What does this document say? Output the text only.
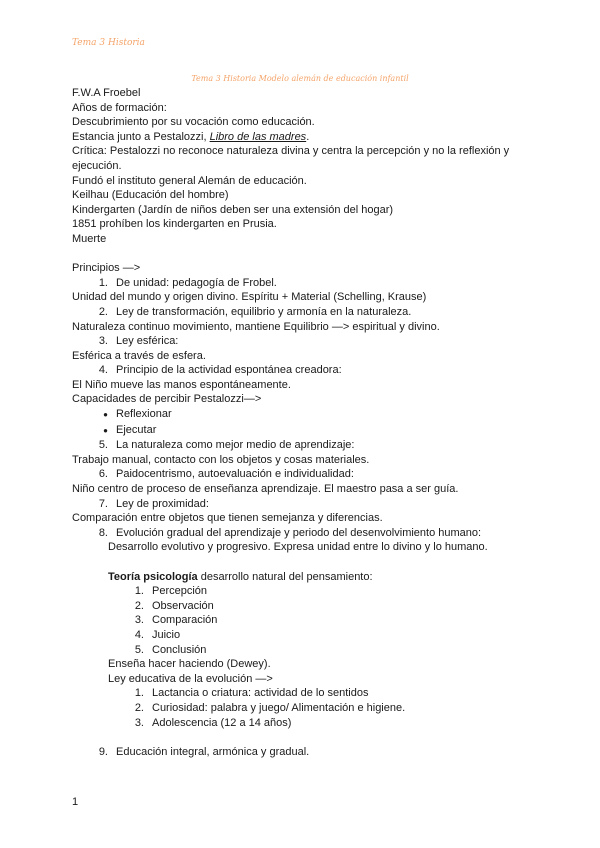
Tema 3 Historia
Tema 3 Historia Modelo alemán de educación infantil
F.W.A Froebel
Años de formación:
Descubrimiento por su vocación como educación.
Estancia junto a Pestalozzi, Libro de las madres.
Crítica: Pestalozzi no reconoce naturaleza divina y centra la percepción y no la reflexión y ejecución.
Fundó el instituto general Alemán de educación.
Keilhau (Educación del hombre)
Kindergarten (Jardín de niños deben ser una extensión del hogar)
1851 prohíben los kindergarten en Prusia.
Muerte
Principios —>
1. De unidad: pedagogía de Frobel.
Unidad del mundo y origen divino. Espíritu + Material (Schelling, Krause)
2. Ley de transformación, equilibrio y armonía en la naturaleza.
Naturaleza continuo movimiento, mantiene Equilibrio —> espiritual y divino.
3. Ley esférica:
Esférica a través de esfera.
4. Principio de la actividad espontánea creadora:
El Niño mueve las manos espontáneamente.
Capacidades de percibir Pestalozzi—>
● Reflexionar
● Ejecutar
5. La naturaleza como mejor medio de aprendizaje:
Trabajo manual, contacto con los objetos y cosas materiales.
6. Paidocentrismo, autoevaluación e individualidad:
Niño centro de proceso de enseñanza aprendizaje. El maestro pasa a ser guía.
7. Ley de proximidad:
Comparación entre objetos que tienen semejanza y diferencias.
8. Evolución gradual del aprendizaje y periodo del desenvolvimiento humano:
Desarrollo evolutivo y progresivo. Expresa unidad entre lo divino y lo humano.
Teoría psicología desarrollo natural del pensamiento:
1. Percepción
2. Observación
3. Comparación
4. Juicio
5. Conclusión
Enseña hacer haciendo (Dewey).
Ley educativa de la evolución —>
1. Lactancia o criatura: actividad de lo sentidos
2. Curiosidad: palabra y juego/ Alimentación e higiene.
3. Adolescencia (12 a 14 años)
9. Educación integral, armónica y gradual.
1
